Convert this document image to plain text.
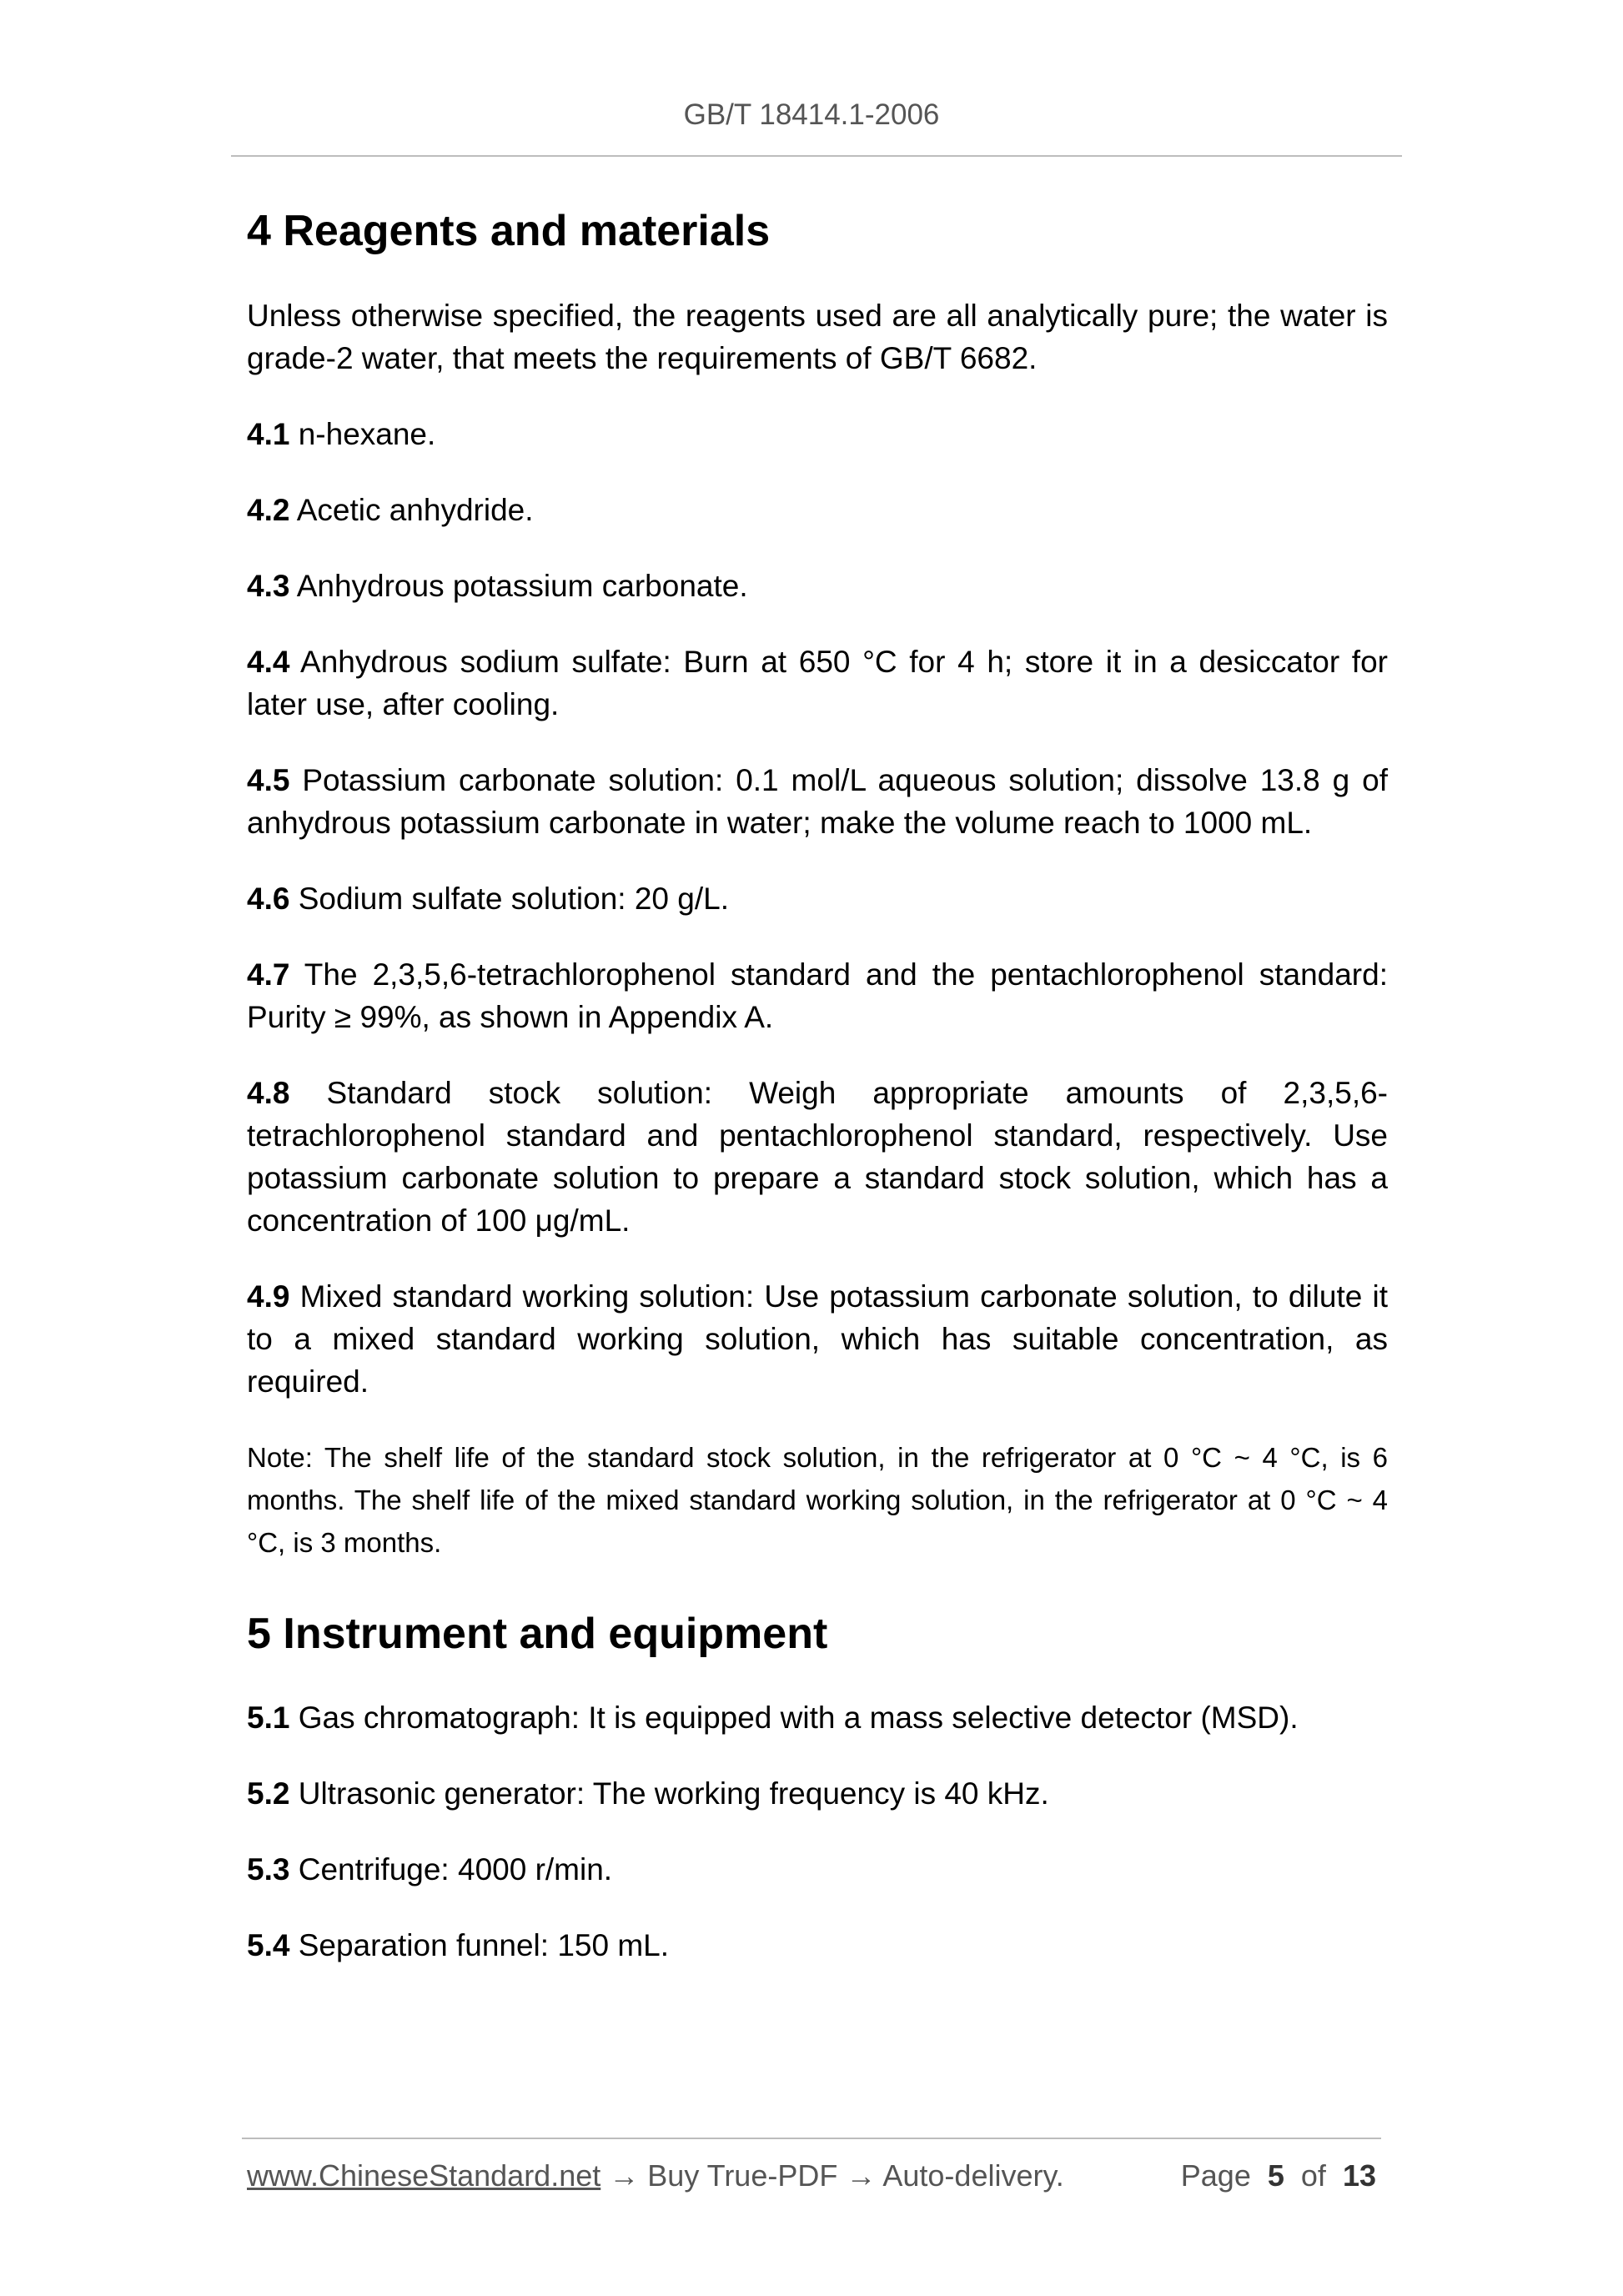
GB/T 18414.1-2006
4 Reagents and materials

Unless otherwise specified, the reagents used are all analytically pure; the water is grade-2 water, that meets the requirements of GB/T 6682.

4.1 n-hexane.

4.2 Acetic anhydride.

4.3 Anhydrous potassium carbonate.

4.4 Anhydrous sodium sulfate: Burn at 650 °C for 4 h; store it in a desiccator for later use, after cooling.

4.5 Potassium carbonate solution: 0.1 mol/L aqueous solution; dissolve 13.8 g of anhydrous potassium carbonate in water; make the volume reach to 1000 mL.

4.6 Sodium sulfate solution: 20 g/L.

4.7 The 2,3,5,6-tetrachlorophenol standard and the pentachlorophenol standard: Purity ≥ 99%, as shown in Appendix A.

4.8 Standard stock solution: Weigh appropriate amounts of 2,3,5,6-tetrachlorophenol standard and pentachlorophenol standard, respectively. Use potassium carbonate solution to prepare a standard stock solution, which has a concentration of 100 μg/mL.

4.9 Mixed standard working solution: Use potassium carbonate solution, to dilute it to a mixed standard working solution, which has suitable concentration, as required.

Note: The shelf life of the standard stock solution, in the refrigerator at 0 °C ~ 4 °C, is 6 months. The shelf life of the mixed standard working solution, in the refrigerator at 0 °C ~ 4 °C, is 3 months.

5 Instrument and equipment

5.1 Gas chromatograph: It is equipped with a mass selective detector (MSD).

5.2 Ultrasonic generator: The working frequency is 40 kHz.

5.3 Centrifuge: 4000 r/min.

5.4 Separation funnel: 150 mL.

www.ChineseStandard.net → Buy True-PDF → Auto-delivery.	Page 5 of 13
